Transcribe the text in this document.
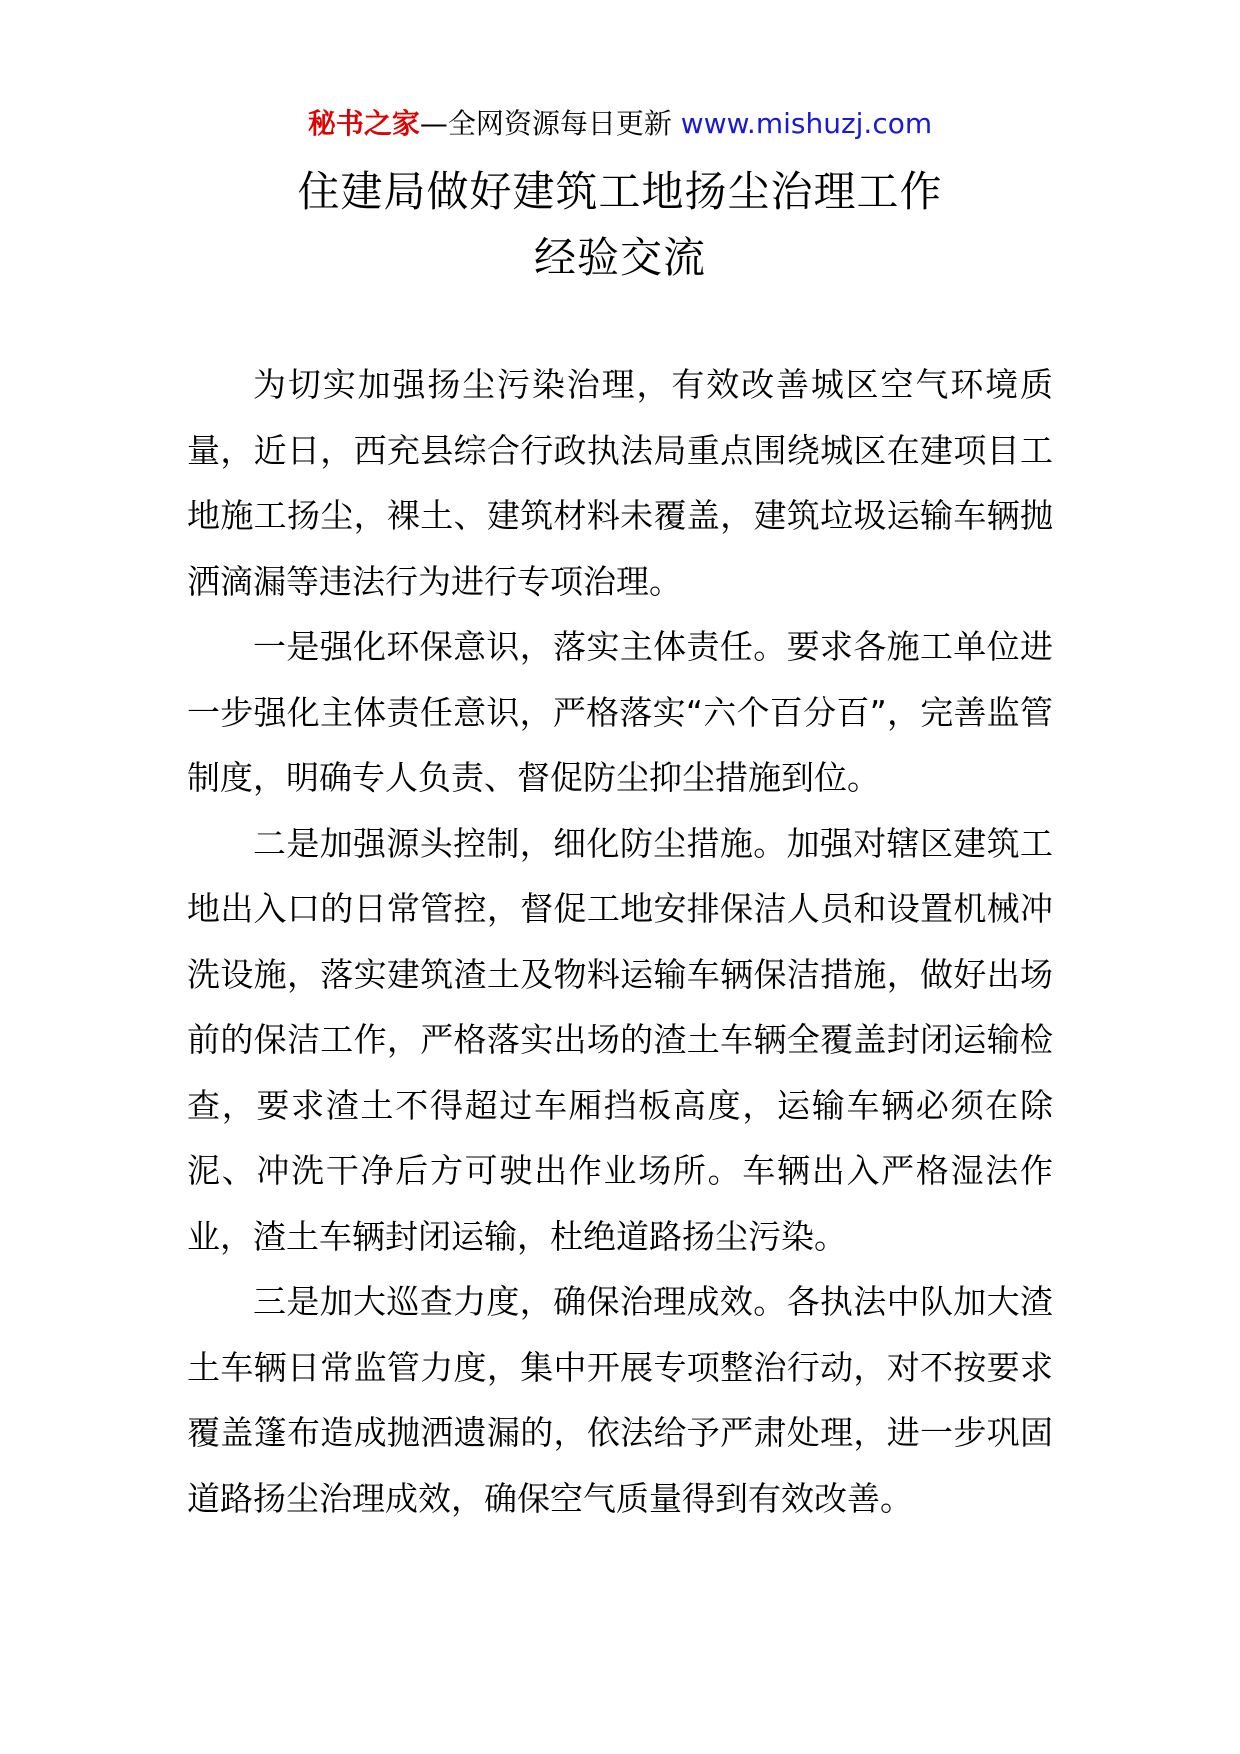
秘书之家—全网资源每日更新 www.mishuzj.com
住建局做好建筑工地扬尘治理工作
经验交流

为切实加强扬尘污染治理，有效改善城区空气环境质量，近日，西充县综合行政执法局重点围绕城区在建项目工地施工扬尘，裸土、建筑材料未覆盖，建筑垃圾运输车辆抛洒滴漏等违法行为进行专项治理。

一是强化环保意识，落实主体责任。要求各施工单位进一步强化主体责任意识，严格落实“六个百分百”，完善监管制度，明确专人负责、督促防尘抑尘措施到位。

二是加强源头控制，细化防尘措施。加强对辖区建筑工地出入口的日常管控，督促工地安排保洁人员和设置机械冲洗设施，落实建筑渣土及物料运输车辆保洁措施，做好出场前的保洁工作，严格落实出场的渣土车辆全覆盖封闭运输检查，要求渣土不得超过车厢挡板高度，运输车辆必须在除泥、冲洗干净后方可驶出作业场所。车辆出入严格湿法作业，渣土车辆封闭运输，杜绝道路扬尘污染。

三是加大巡查力度，确保治理成效。各执法中队加大渣土车辆日常监管力度，集中开展专项整治行动，对不按要求覆盖篷布造成抛洒遗漏的，依法给予严肃处理，进一步巩固道路扬尘治理成效，确保空气质量得到有效改善。
